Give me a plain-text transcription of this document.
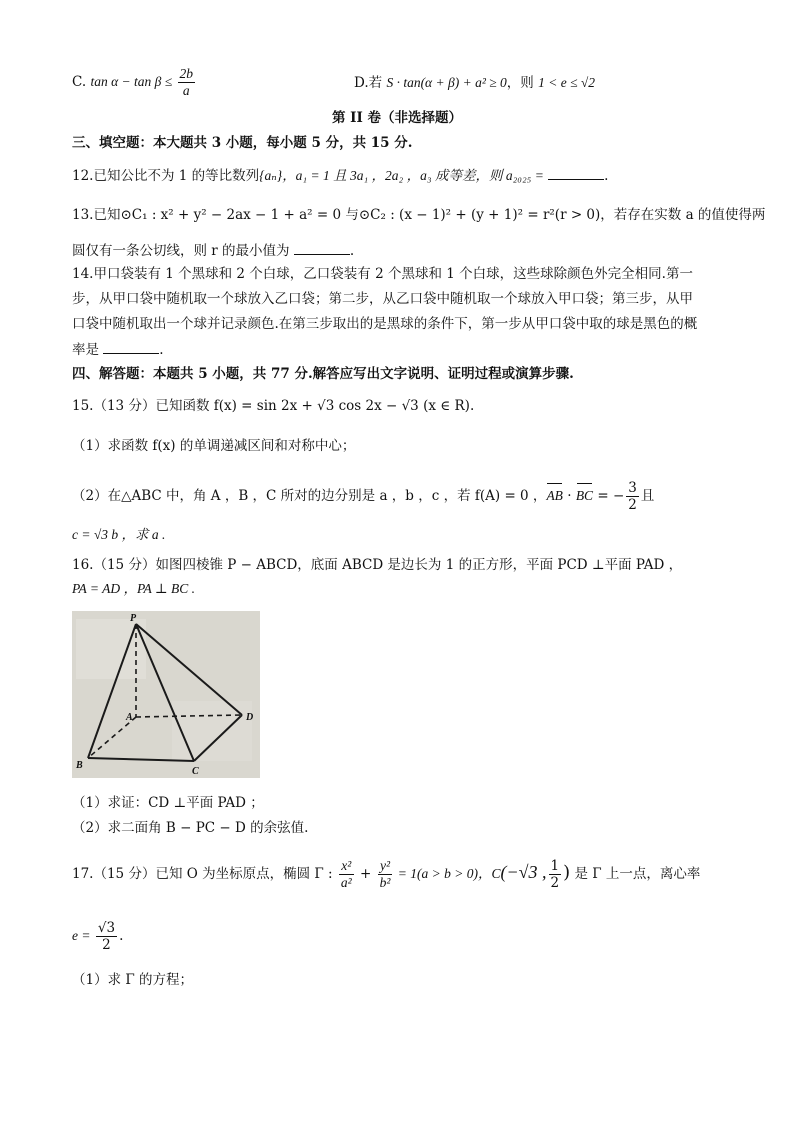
C. $\tan \alpha - \tan \beta \le \frac{2b}{a}$	D.若 S · tan(α + β) + a² ≥ 0，则 1 < e ≤ √2
第 II 卷（非选择题）
三、填空题：本大题共 3 小题，每小题 5 分，共 15 分.
12.已知公比不为 1 的等比数列{aₙ}，a₁ = 1 且 3a₁ ，2a₂ ，a₃ 成等差，则 a₂₀₂₅ =	.
13.已知⊙C₁ : x² + y² − 2ax − 1 + a² = 0 与⊙C₂ : (x − 1)² + (y + 1)² = r²(r > 0)，若存在实数 a 的值使得两
圆仅有一条公切线，则 r 的最小值为	.
14.甲口袋装有 1 个黑球和 2 个白球，乙口袋装有 2 个黑球和 1 个白球，这些球除颜色外完全相同.第一
步，从甲口袋中随机取一个球放入乙口袋；第二步，从乙口袋中随机取一个球放入甲口袋；第三步，从甲
口袋中随机取出一个球并记录颜色.在第三步取出的是黑球的条件下，第一步从甲口袋中取的球是黑色的概
率是	.
四、解答题：本题共 5 小题，共 77 分.解答应写出文字说明、证明过程或演算步骤.
15.（13 分）已知函数 f(x) = sin 2x + √3 cos 2x − √3 (x ∈ R).
（1）求函数 f(x) 的单调递减区间和对称中心；
（2）在△ABC 中，角 A ，B ，C 所对的边分别是 a ，b ，c ，若 f(A) = 0 ，AB · BC = − $\frac{3}{2}$ 且
c = √3 b ，求 a .
16.（15 分）如图四棱锥 P − ABCD，底面 ABCD 是边长为 1 的正方形，平面 PCD ⊥平面 PAD ，
PA = AD ，PA ⊥ BC .
P
A
B
C
D
（1）求证：CD ⊥平面 PAD ；
（2）求二面角 B − PC − D 的余弦值.
17.（15 分）已知 O 为坐标原点，椭圆 Γ : $\frac{\text{x²}}{\text{a²}} + \frac{\text{y²}}{\text{b²}} = 1(a > b > 0)$，C(−√3 , $\frac{1}{2}$ ) 是 Γ 上一点，离心率
$e = \frac{√3}{2}$ .
（1）求 Γ 的方程；
